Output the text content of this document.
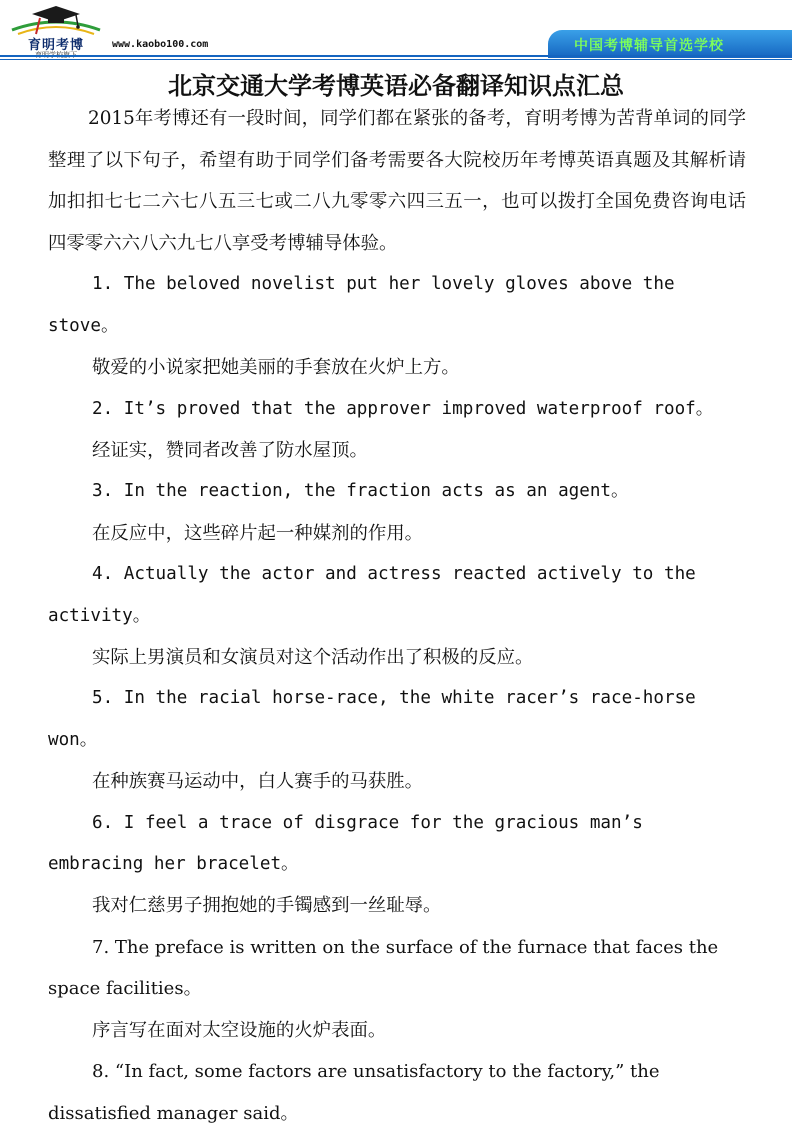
育明考博	www.kaobo100.com	中国考博辅导首选学校
北京交通大学考博英语必备翻译知识点汇总

2015年考博还有一段时间，同学们都在紧张的备考，育明考博为苦背单词的同学整理了以下句子，希望有助于同学们备考需要各大院校历年考博英语真题及其解析请加扣扣七七二六七八五三七或二八九零零六四三五一，也可以拨打全国免费咨询电话四零零六六八六九七八享受考博辅导体验。

1. The beloved novelist put her lovely gloves above the stove。

敬爱的小说家把她美丽的手套放在火炉上方。

2. It’s proved that the approver improved waterproof roof。

经证实，赞同者改善了防水屋顶。

3. In the reaction, the fraction acts as an agent。

在反应中，这些碎片起一种媒剂的作用。

4. Actually the actor and actress reacted actively to the activity。

实际上男演员和女演员对这个活动作出了积极的反应。

5. In the racial horse-race, the white racer’s race-horse won。

在种族赛马运动中，白人赛手的马获胜。

6. I feel a trace of disgrace for the gracious man’s embracing her bracelet。

我对仁慈男子拥抱她的手镯感到一丝耻辱。

7. The preface is written on the surface of the furnace that faces the space facilities。

序言写在面对太空设施的火炉表面。

8. “In fact, some factors are unsatisfactory to the factory,” the dissatisfied manager said。
